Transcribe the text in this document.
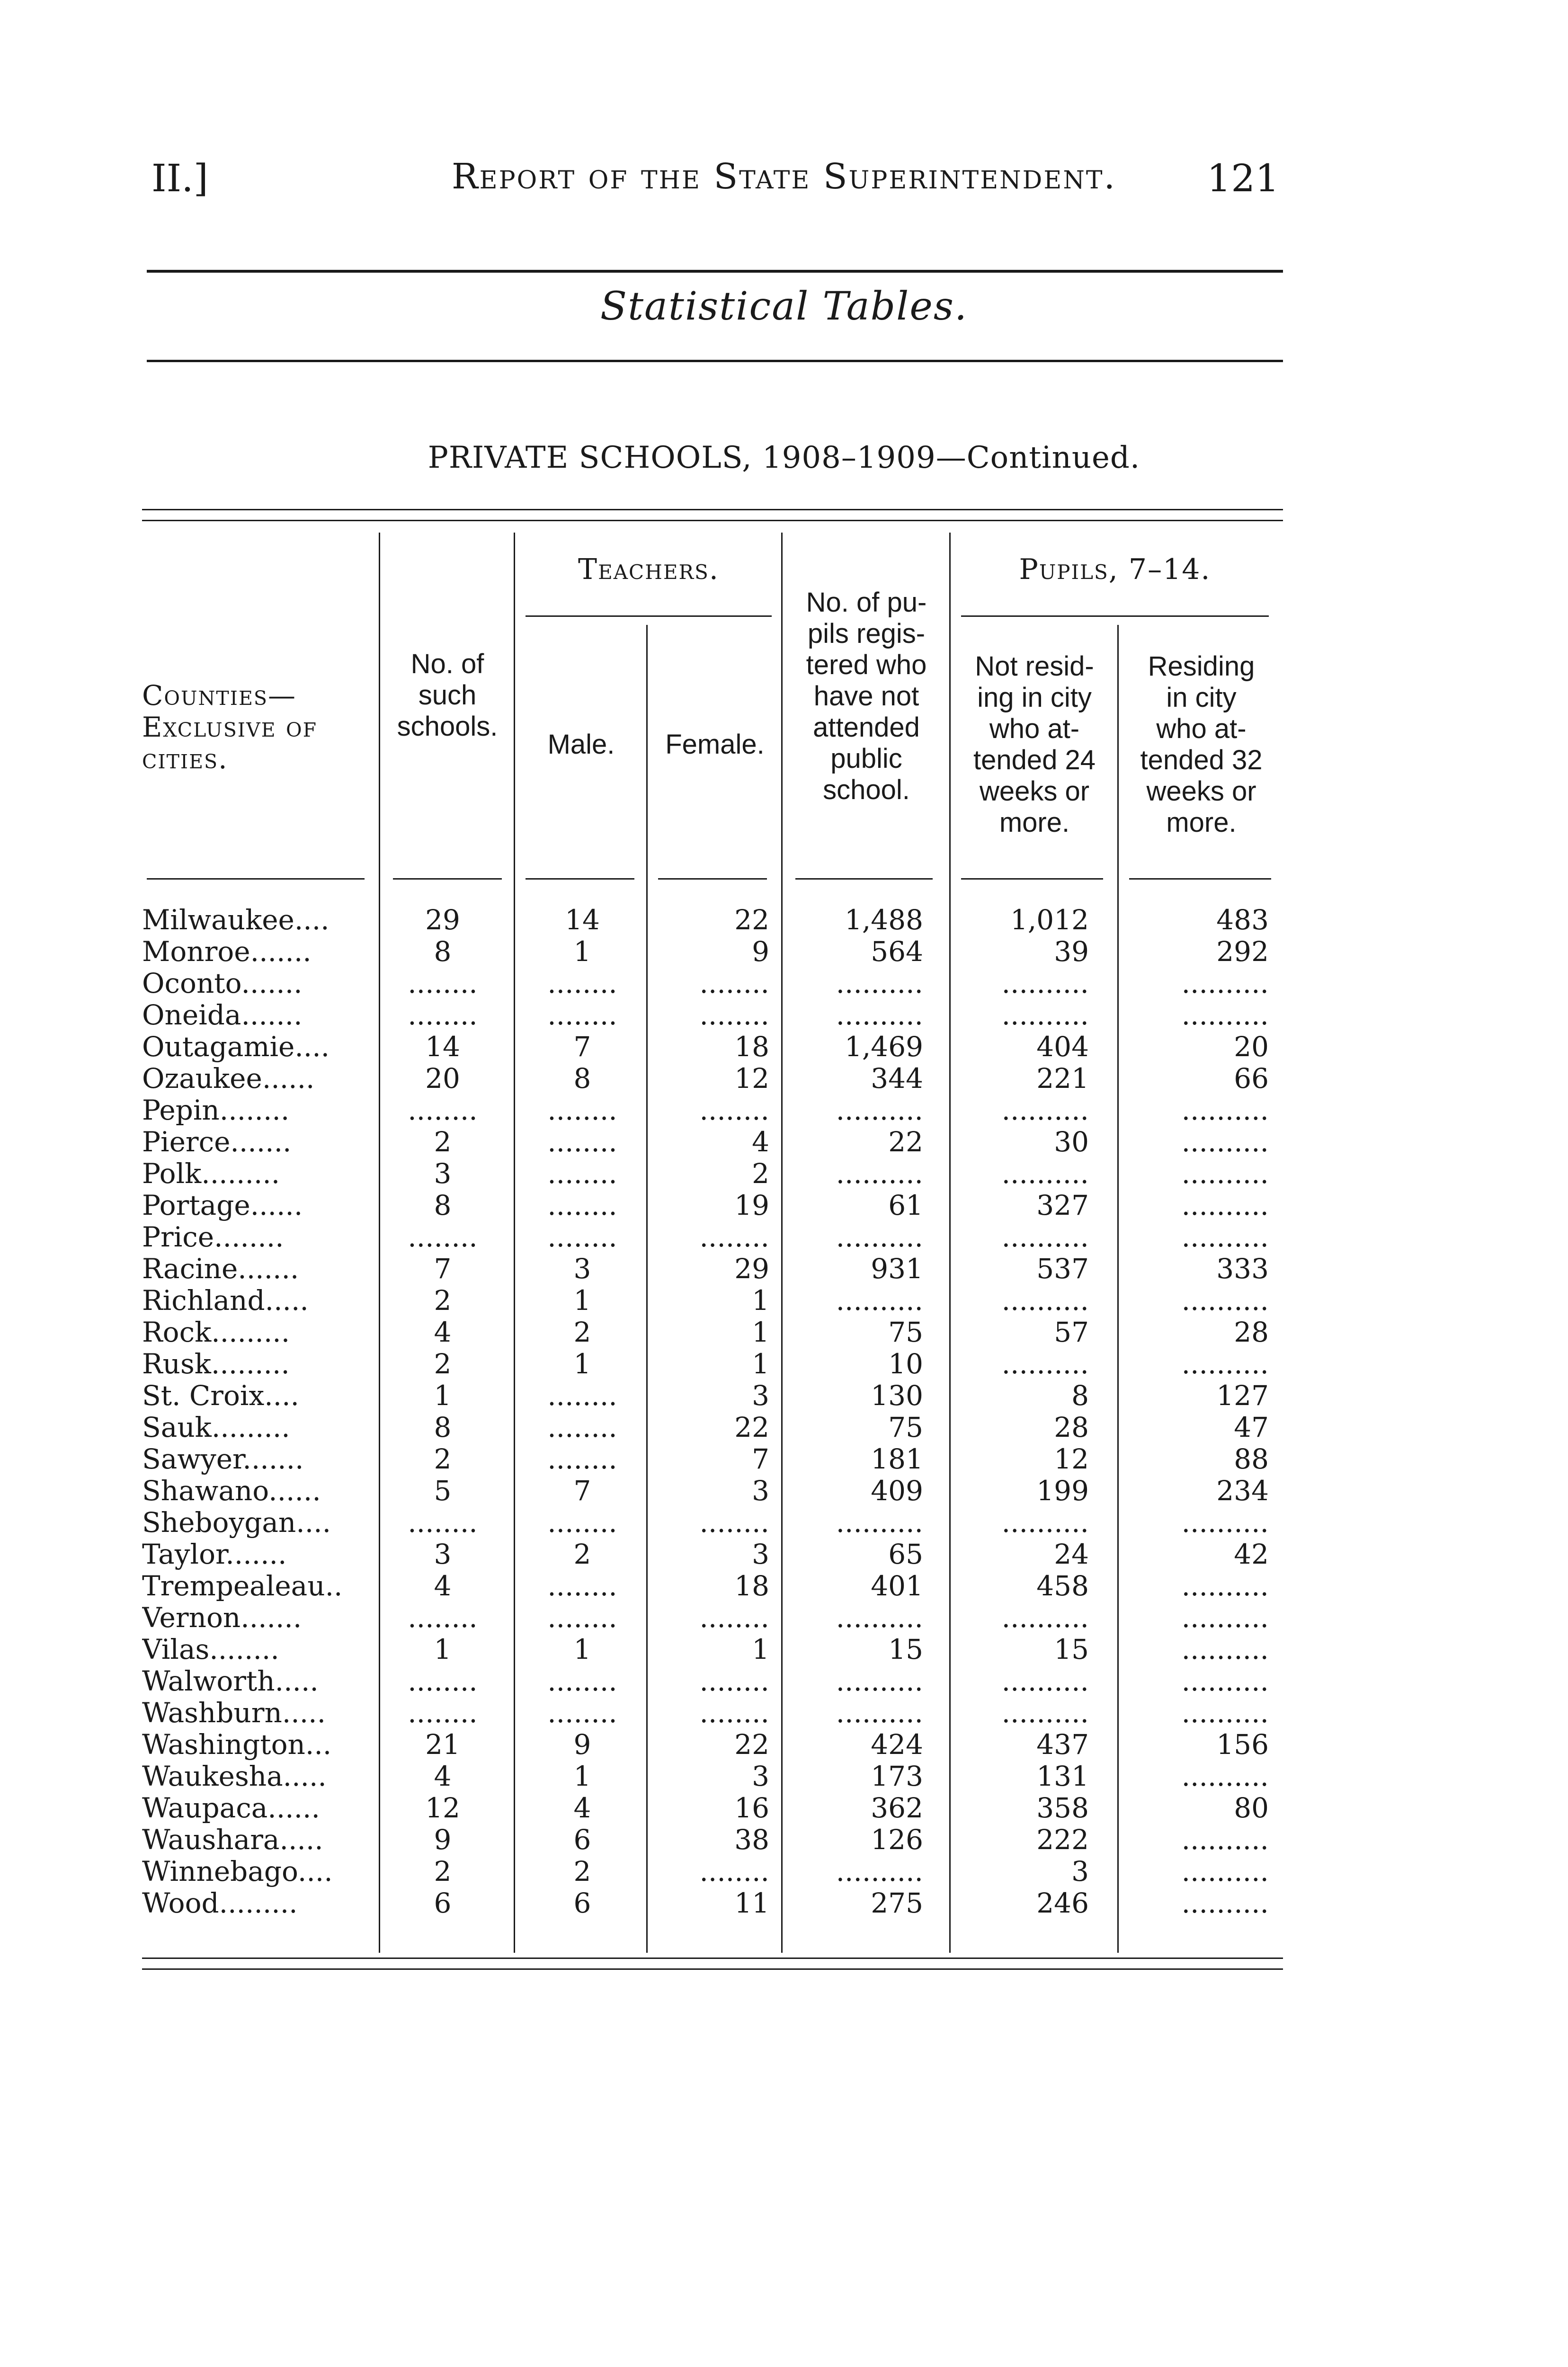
II.]	Report of the State Superintendent.	121
Statistical Tables.
PRIVATE SCHOOLS, 1908–1909—Continued.

Counties—
Exclusive of
cities.

No. of
such
schools.
Teachers.
Male.	Female.
No. of pu-
pils regis-
tered who
have not
attended
public
school.
Pupils, 7–14.
Not resid-
ing in city
who at-
tended 24
weeks or
more.
Residing
in city
who at-
tended 32
weeks or
more.
Milwaukee....	29	14	22	1,488	1,012	483
Monroe.......	8	1	9	564	39	292
Oconto.......	........	........	........	..........	..........	..........
Oneida.......	........	........	........	..........	..........	..........
Outagamie....	14	7	18	1,469	404	20
Ozaukee......	20	8	12	344	221	66
Pepin........	........	........	........	..........	..........	..........
Pierce.......	2	........	4	22	30	..........
Polk.........	3	........	2	..........	..........	..........
Portage......	8	........	19	61	327	..........
Price........	........	........	........	..........	..........	..........
Racine.......	7	3	29	931	537	333
Richland.....	2	1	1	..........	..........	..........
Rock.........	4	2	1	75	57	28
Rusk.........	2	1	1	10	..........	..........
St. Croix....	1	........	3	130	8	127
Sauk.........	8	........	22	75	28	47
Sawyer.......	2	........	7	181	12	88
Shawano......	5	7	3	409	199	234
Sheboygan....	........	........	........	..........	..........	..........
Taylor.......	3	2	3	65	24	42
Trempealeau..	4	........	18	401	458	..........
Vernon.......	........	........	........	..........	..........	..........
Vilas........	1	1	1	15	15	..........
Walworth.....	........	........	........	..........	..........	..........
Washburn.....	........	........	........	..........	..........	..........
Washington...	21	9	22	424	437	156
Waukesha.....	4	1	3	173	131	..........
Waupaca......	12	4	16	362	358	80
Waushara.....	9	6	38	126	222	..........
Winnebago....	2	2	........	..........	3	..........
Wood.........	6	6	11	275	246	..........
